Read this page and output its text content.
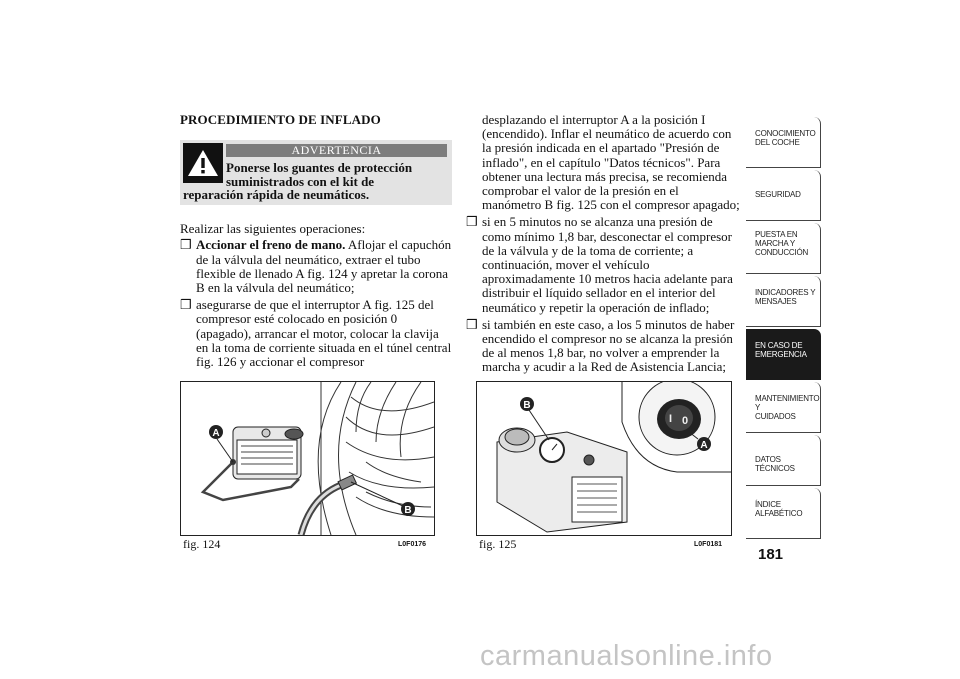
PROCEDIMIENTO DE INFLADO
ADVERTENCIA
Ponerse los guantes de protección
suministrados con el kit de
reparación rápida de neumáticos.

Realizar las siguientes operaciones:

❒ Accionar el freno de mano. Aflojar el capuchón de la válvula del neumático, extraer el tubo flexible de llenado A fig. 124 y apretar la corona B en la válvula del neumático;
❒ asegurarse de que el interruptor A fig. 125 del compresor esté colocado en posición 0 (apagado), arrancar el motor, colocar la clavija en la toma de corriente situada en el túnel central fig. 126 y accionar el compresor

desplazando el interruptor A a la posición I (encendido). Inflar el neumático de acuerdo con la presión indicada en el apartado "Presión de inflado", en el capítulo "Datos técnicos". Para obtener una lectura más precisa, se recomienda comprobar el valor de la presión en el manómetro B fig. 125 con el compresor apagado;

❒ si en 5 minutos no se alcanza una presión de como mínimo 1,8 bar, desconectar el compresor de la válvula y de la toma de corriente; a continuación, mover el vehículo aproximadamente 10 metros hacia adelante para distribuir el líquido sellador en el interior del neumático y repetir la operación de inflado;
❒ si también en este caso, a los 5 minutos de haber encendido el compresor no se alcanza la presión de al menos 1,8 bar, no volver a emprender la marcha y acudir a la Red de Asistencia Lancia;
A
B
fig. 124	L0F0176
I 0
B
A
fig. 125	L0F0181
CONOCIMIENTO
DEL COCHE
SEGURIDAD
PUESTA EN
MARCHA Y
CONDUCCIÓN
INDICADORES Y
MENSAJES
EN CASO DE
EMERGENCIA
MANTENIMIENTO Y
CUIDADOS
DATOS TÉCNICOS
ÍNDICE
ALFABÉTICO
181
carmanualsonline.info
